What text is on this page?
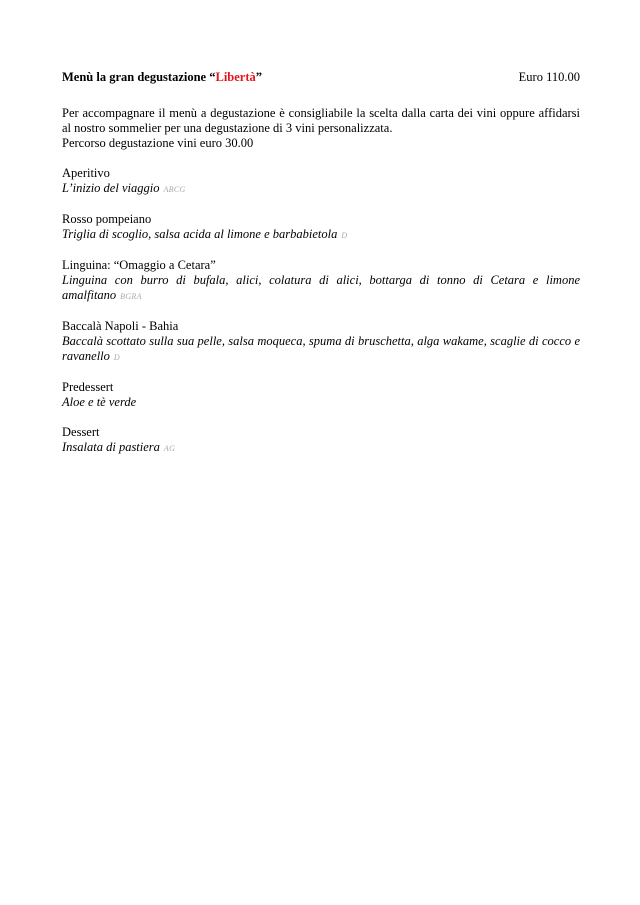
Menù la gran degustazione “Libertà”	Euro 110.00
Per accompagnare il menù a degustazione è consigliabile la scelta dalla carta dei vini oppure affidarsi al nostro sommelier per una degustazione di 3 vini personalizzata.
Percorso degustazione vini euro 30.00
Aperitivo
L’inizio del viaggio ABCG
Rosso pompeiano
Triglia di scoglio, salsa acida al limone e barbabietola D
Linguina: “Omaggio a Cetara”
Linguina con burro di bufala, alici, colatura di alici, bottarga di tonno di Cetara e limone amalfitano BGRA
Baccalà Napoli - Bahia
Baccalà scottato sulla sua pelle, salsa moqueca, spuma di bruschetta, alga wakame, scaglie di cocco e ravanello D
Predessert
Aloe e tè verde
Dessert
Insalata di pastiera AG
